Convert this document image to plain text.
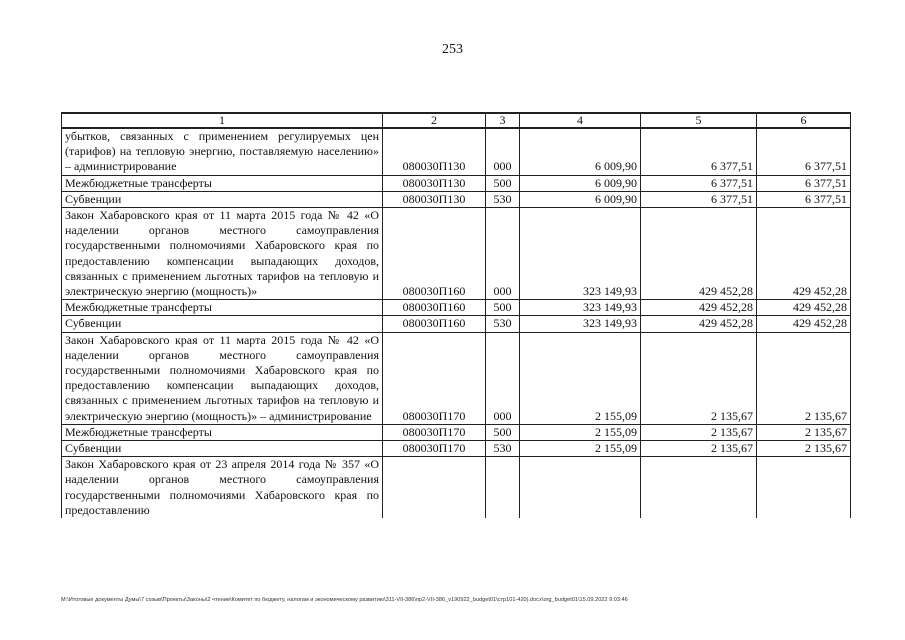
253
1	2	3	4	5	6

убытков, связанных с применением регулируемых цен (тарифов) на тепловую энергию, поставляемую населению» – администрирование	080030П130	000	6 009,90	6 377,51	6 377,51

Межбюджетные трансферты	080030П130	500	6 009,90	6 377,51	6 377,51

Субвенции	080030П130	530	6 009,90	6 377,51	6 377,51

Закон Хабаровского края от 11 марта 2015 года № 42 «О наделении органов местного самоуправления государственными полномочиями Хабаровского края по предоставлению компенсации выпадающих доходов, связанных с применением льготных тарифов на тепловую и электрическую энергию (мощность)»	080030П160	000	323 149,93	429 452,28	429 452,28

Межбюджетные трансферты	080030П160	500	323 149,93	429 452,28	429 452,28

Субвенции	080030П160	530	323 149,93	429 452,28	429 452,28

Закон Хабаровского края от 11 марта 2015 года № 42 «О наделении органов местного самоуправления государственными полномочиями Хабаровского края по предоставлению компенсации выпадающих доходов, связанных с применением льготных тарифов на тепловую и электрическую энергию (мощность)» – администрирование	080030П170	000	2 155,09	2 135,67	2 135,67

Межбюджетные трансферты	080030П170	500	2 155,09	2 135,67	2 135,67

Субвенции	080030П170	530	2 155,09	2 135,67	2 135,67

Закон Хабаровского края от 23 апреля 2014 года № 357 «О наделении органов местного самоуправления государственными полномочиями Хабаровского края по предоставлению					

M:\Итоговые документы Думы\7 созыв\Проекты\Законы\2 чтение\Комитет по бюджету, налогам и экономическому развитию\311-VII-386\пр2-VII-386_v190922_budget01\стр101-420).docx\org_budget01\15.09.2022 9:03:46
